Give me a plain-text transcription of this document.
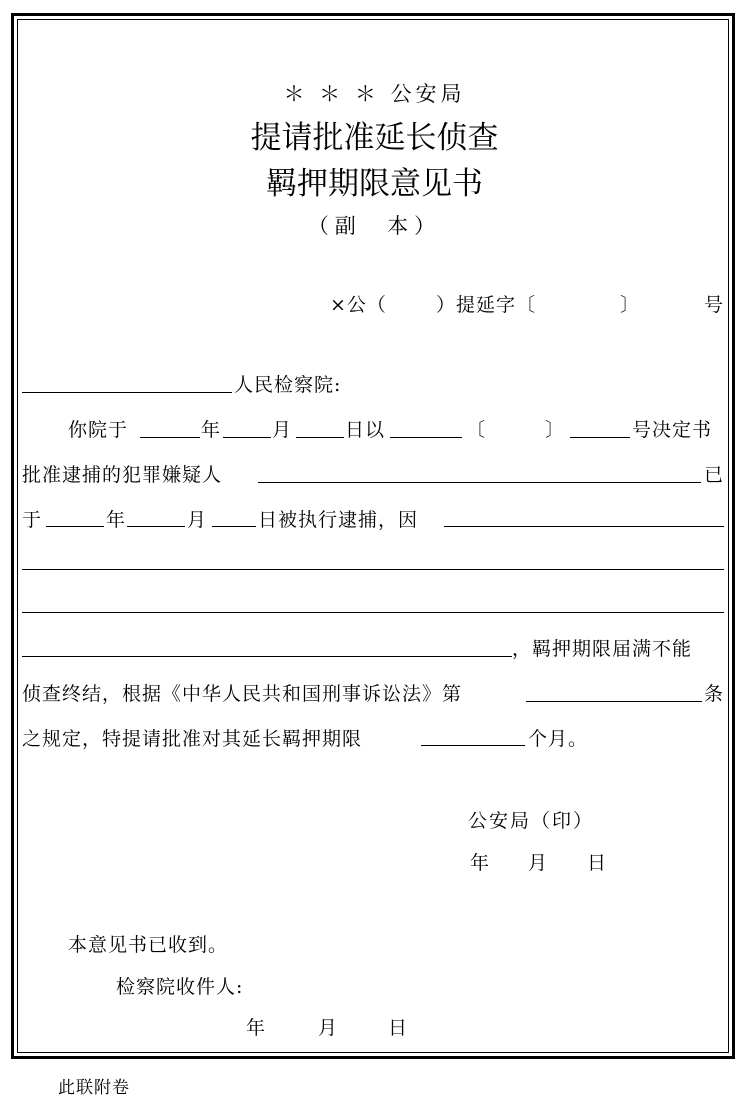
＊ ＊ ＊ 公安局
提请批准延长侦查
羁押期限意见书
（副  本）
×公（	）提延字〔	〕	号
人民检察院:
你院于	年	月	日以	〔	〕	号决定书
批准逮捕的犯罪嫌疑人	已
于	年	月	日被执行逮捕，因
，羁押期限届满不能
侦查终结，根据《中华人民共和国刑事诉讼法》第	条
之规定，特提请批准对其延长羁押期限	个月。
公安局（印）
年 月 日
本意见书已收到。
检察院收件人:
年	月	日
此联附卷
